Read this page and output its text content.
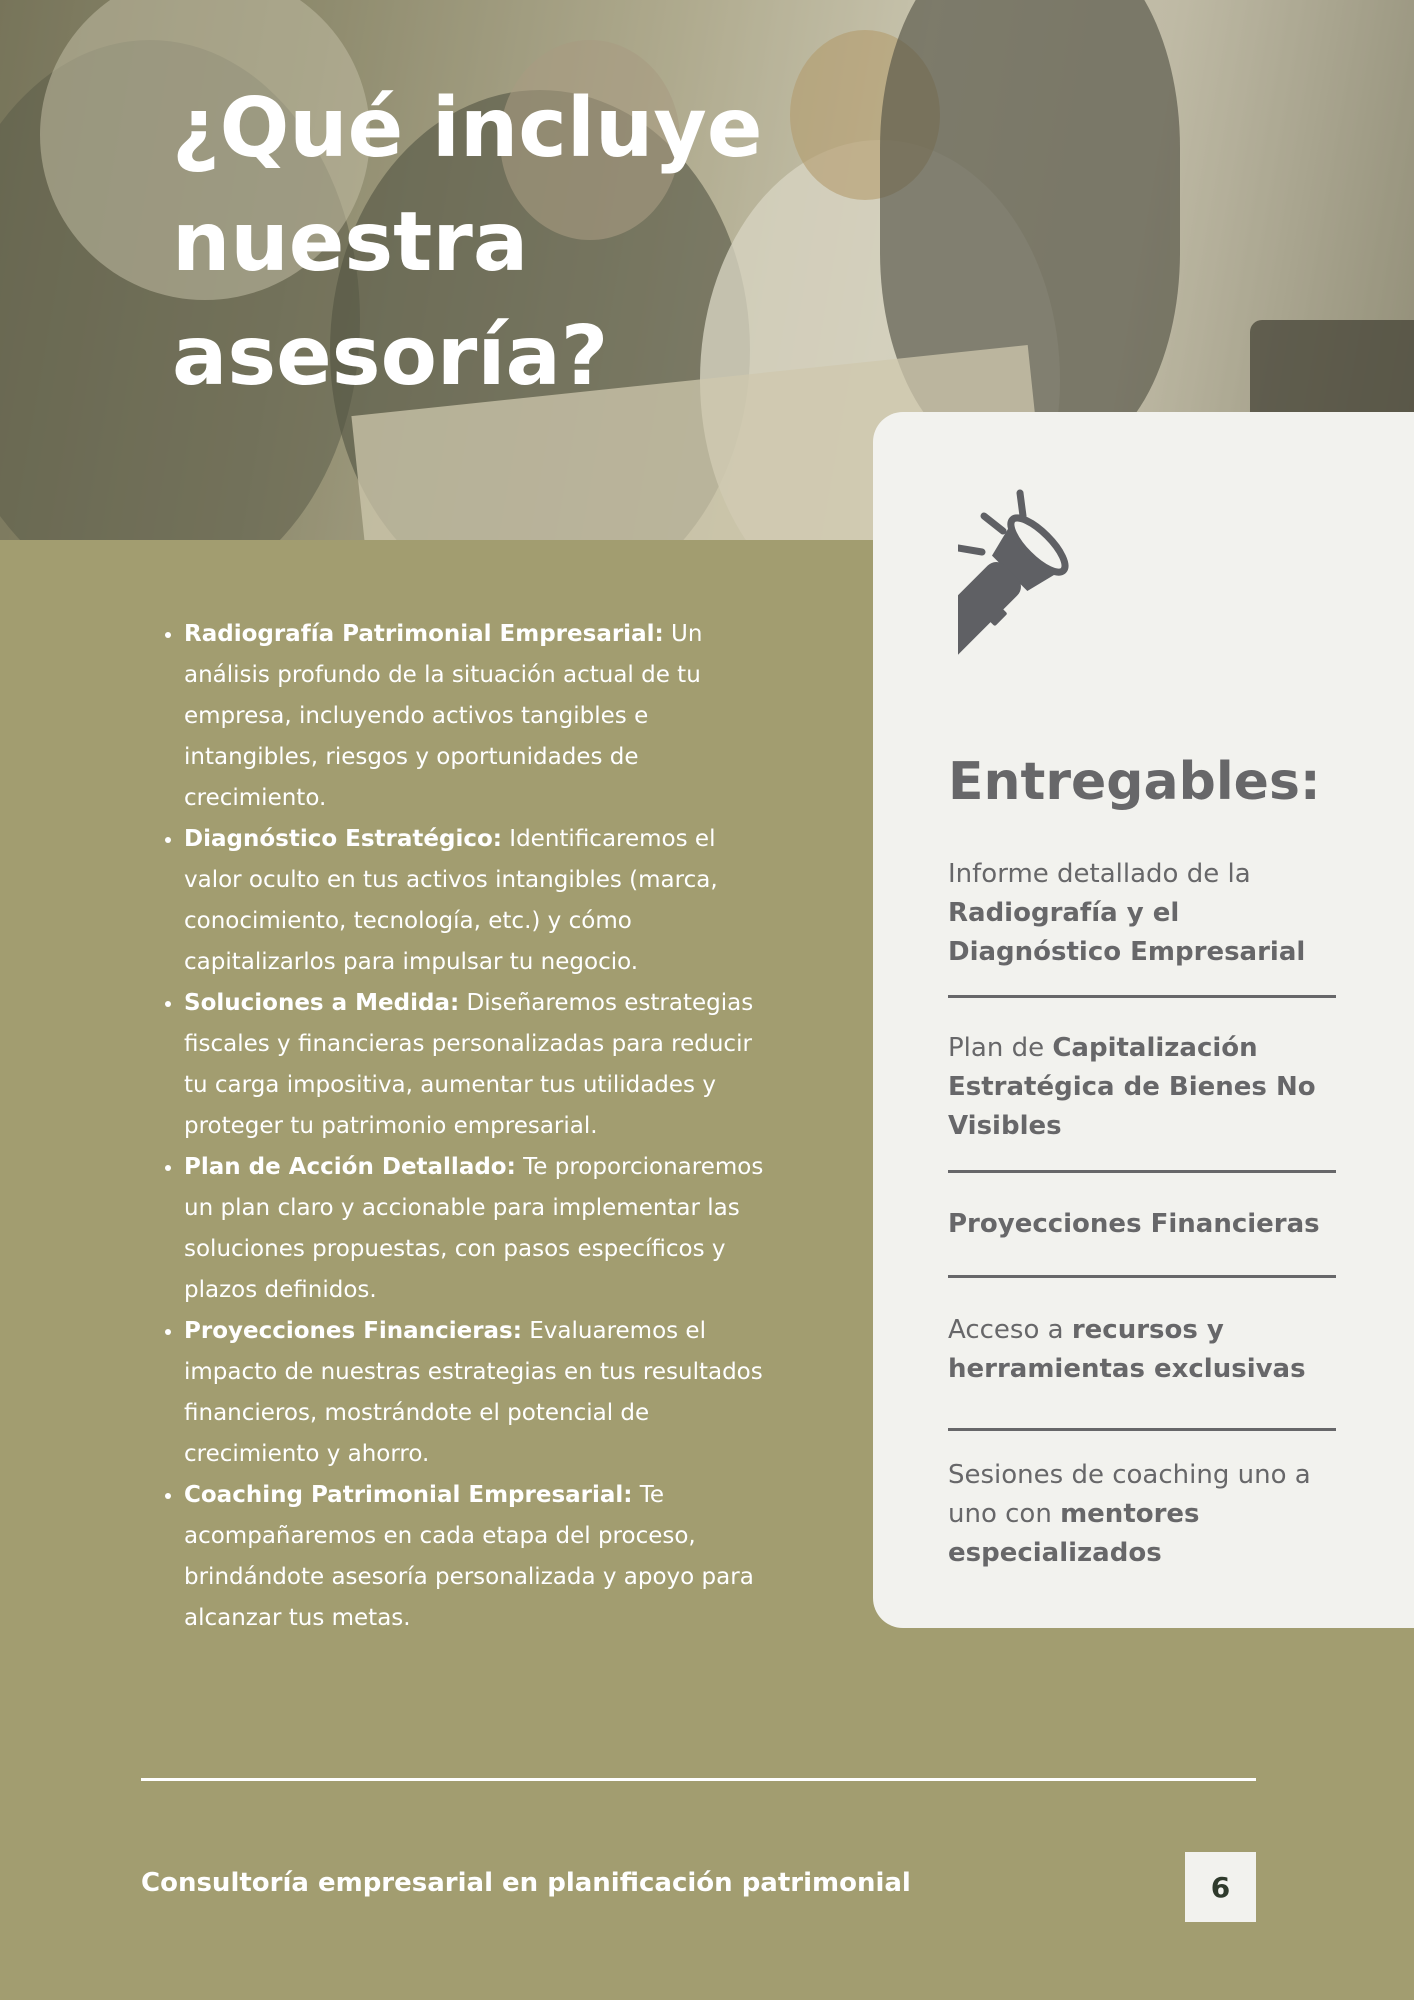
¿Qué incluye nuestra asesoría?
• Radiografía Patrimonial Empresarial: Un análisis profundo de la situación actual de tu empresa, incluyendo activos tangibles e intangibles, riesgos y oportunidades de crecimiento.
• Diagnóstico Estratégico: Identificaremos el valor oculto en tus activos intangibles (marca, conocimiento, tecnología, etc.) y cómo capitalizarlos para impulsar tu negocio.
• Soluciones a Medida: Diseñaremos estrategias fiscales y financieras personalizadas para reducir tu carga impositiva, aumentar tus utilidades y proteger tu patrimonio empresarial.
• Plan de Acción Detallado: Te proporcionaremos un plan claro y accionable para implementar las soluciones propuestas, con pasos específicos y plazos definidos.
• Proyecciones Financieras: Evaluaremos el impacto de nuestras estrategias en tus resultados financieros, mostrándote el potencial de crecimiento y ahorro.
• Coaching Patrimonial Empresarial: Te acompañaremos en cada etapa del proceso, brindándote asesoría personalizada y apoyo para alcanzar tus metas.
Entregables:
Informe detallado de la Radiografía y el Diagnóstico Empresarial
Plan de Capitalización Estratégica de Bienes No Visibles
Proyecciones Financieras
Acceso a recursos y herramientas exclusivas
Sesiones de coaching uno a uno con mentores especializados

Consultoría empresarial en planificación patrimonial	6
